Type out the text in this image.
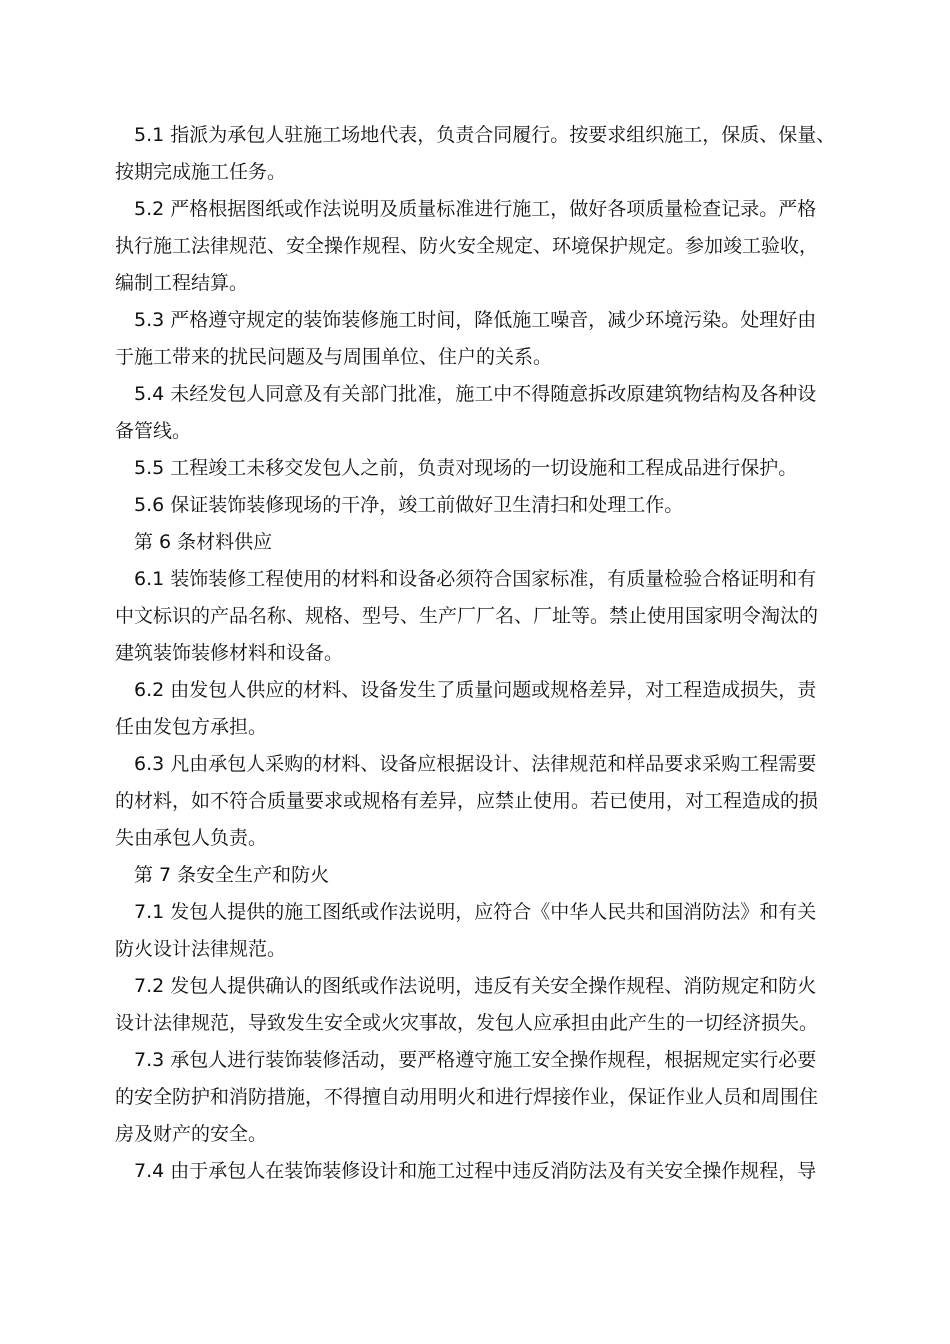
5.1 指派为承包人驻施工场地代表，负责合同履行。按要求组织施工，保质、保量、
按期完成施工任务。
5.2 严格根据图纸或作法说明及质量标准进行施工，做好各项质量检查记录。严格
执行施工法律规范、安全操作规程、防火安全规定、环境保护规定。参加竣工验收，
编制工程结算。
5.3 严格遵守规定的装饰装修施工时间，降低施工噪音，减少环境污染。处理好由
于施工带来的扰民问题及与周围单位、住户的关系。
5.4 未经发包人同意及有关部门批准，施工中不得随意拆改原建筑物结构及各种设
备管线。
5.5 工程竣工未移交发包人之前，负责对现场的一切设施和工程成品进行保护。
5.6 保证装饰装修现场的干净，竣工前做好卫生清扫和处理工作。
第 6 条材料供应
6.1 装饰装修工程使用的材料和设备必须符合国家标准，有质量检验合格证明和有
中文标识的产品名称、规格、型号、生产厂厂名、厂址等。禁止使用国家明令淘汰的
建筑装饰装修材料和设备。
6.2 由发包人供应的材料、设备发生了质量问题或规格差异，对工程造成损失，责
任由发包方承担。
6.3 凡由承包人采购的材料、设备应根据设计、法律规范和样品要求采购工程需要
的材料，如不符合质量要求或规格有差异，应禁止使用。若已使用，对工程造成的损
失由承包人负责。
第 7 条安全生产和防火
7.1 发包人提供的施工图纸或作法说明，应符合《中华人民共和国消防法》和有关
防火设计法律规范。
7.2 发包人提供确认的图纸或作法说明，违反有关安全操作规程、消防规定和防火
设计法律规范，导致发生安全或火灾事故，发包人应承担由此产生的一切经济损失。
7.3 承包人进行装饰装修活动，要严格遵守施工安全操作规程，根据规定实行必要
的安全防护和消防措施，不得擅自动用明火和进行焊接作业，保证作业人员和周围住
房及财产的安全。
7.4 由于承包人在装饰装修设计和施工过程中违反消防法及有关安全操作规程，导
